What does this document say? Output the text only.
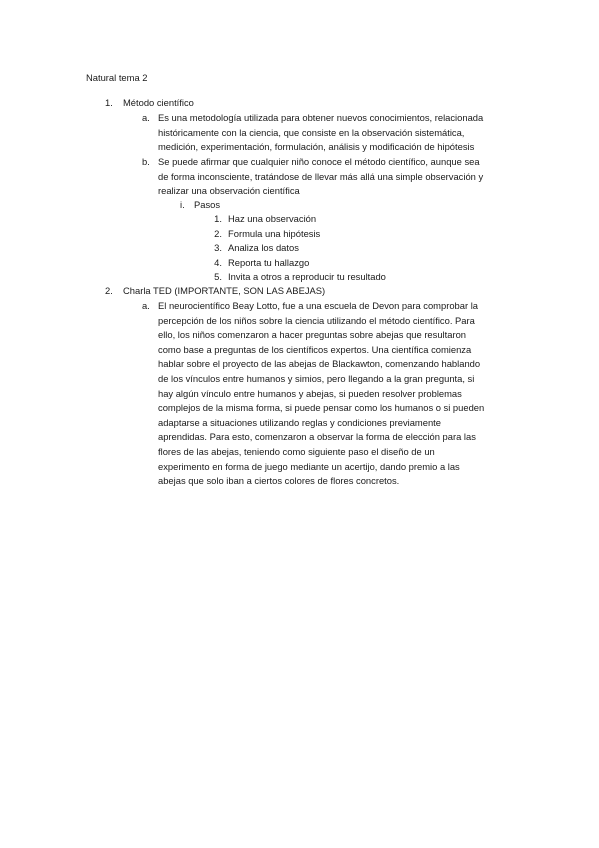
Natural tema 2

1. Método científico
a. Es una metodología utilizada para obtener nuevos conocimientos, relacionada
históricamente con la ciencia, que consiste en la observación sistemática,
medición, experimentación, formulación, análisis y modificación de hipótesis
b. Se puede afirmar que cualquier niño conoce el método científico, aunque sea
de forma inconsciente, tratándose de llevar más allá una simple observación y
realizar una observación científica
i. Pasos
1. Haz una observación
2. Formula una hipótesis
3. Analiza los datos
4. Reporta tu hallazgo
5. Invita a otros a reproducir tu resultado
2. Charla TED (IMPORTANTE, SON LAS ABEJAS)
a. El neurocientífico Beay Lotto, fue a una escuela de Devon para comprobar la
percepción de los niños sobre la ciencia utilizando el método científico. Para
ello, los niños comenzaron a hacer preguntas sobre abejas que resultaron
como base a preguntas de los científicos expertos. Una científica comienza
hablar sobre el proyecto de las abejas de Blackawton, comenzando hablando
de los vínculos entre humanos y simios, pero llegando a la gran pregunta, si
hay algún vínculo entre humanos y abejas, si pueden resolver problemas
complejos de la misma forma, si puede pensar como los humanos o si pueden
adaptarse a situaciones utilizando reglas y condiciones previamente
aprendidas. Para esto, comenzaron a observar la forma de elección para las
flores de las abejas, teniendo como siguiente paso el diseño de un
experimento en forma de juego mediante un acertijo, dando premio a las
abejas que solo iban a ciertos colores de flores concretos.
